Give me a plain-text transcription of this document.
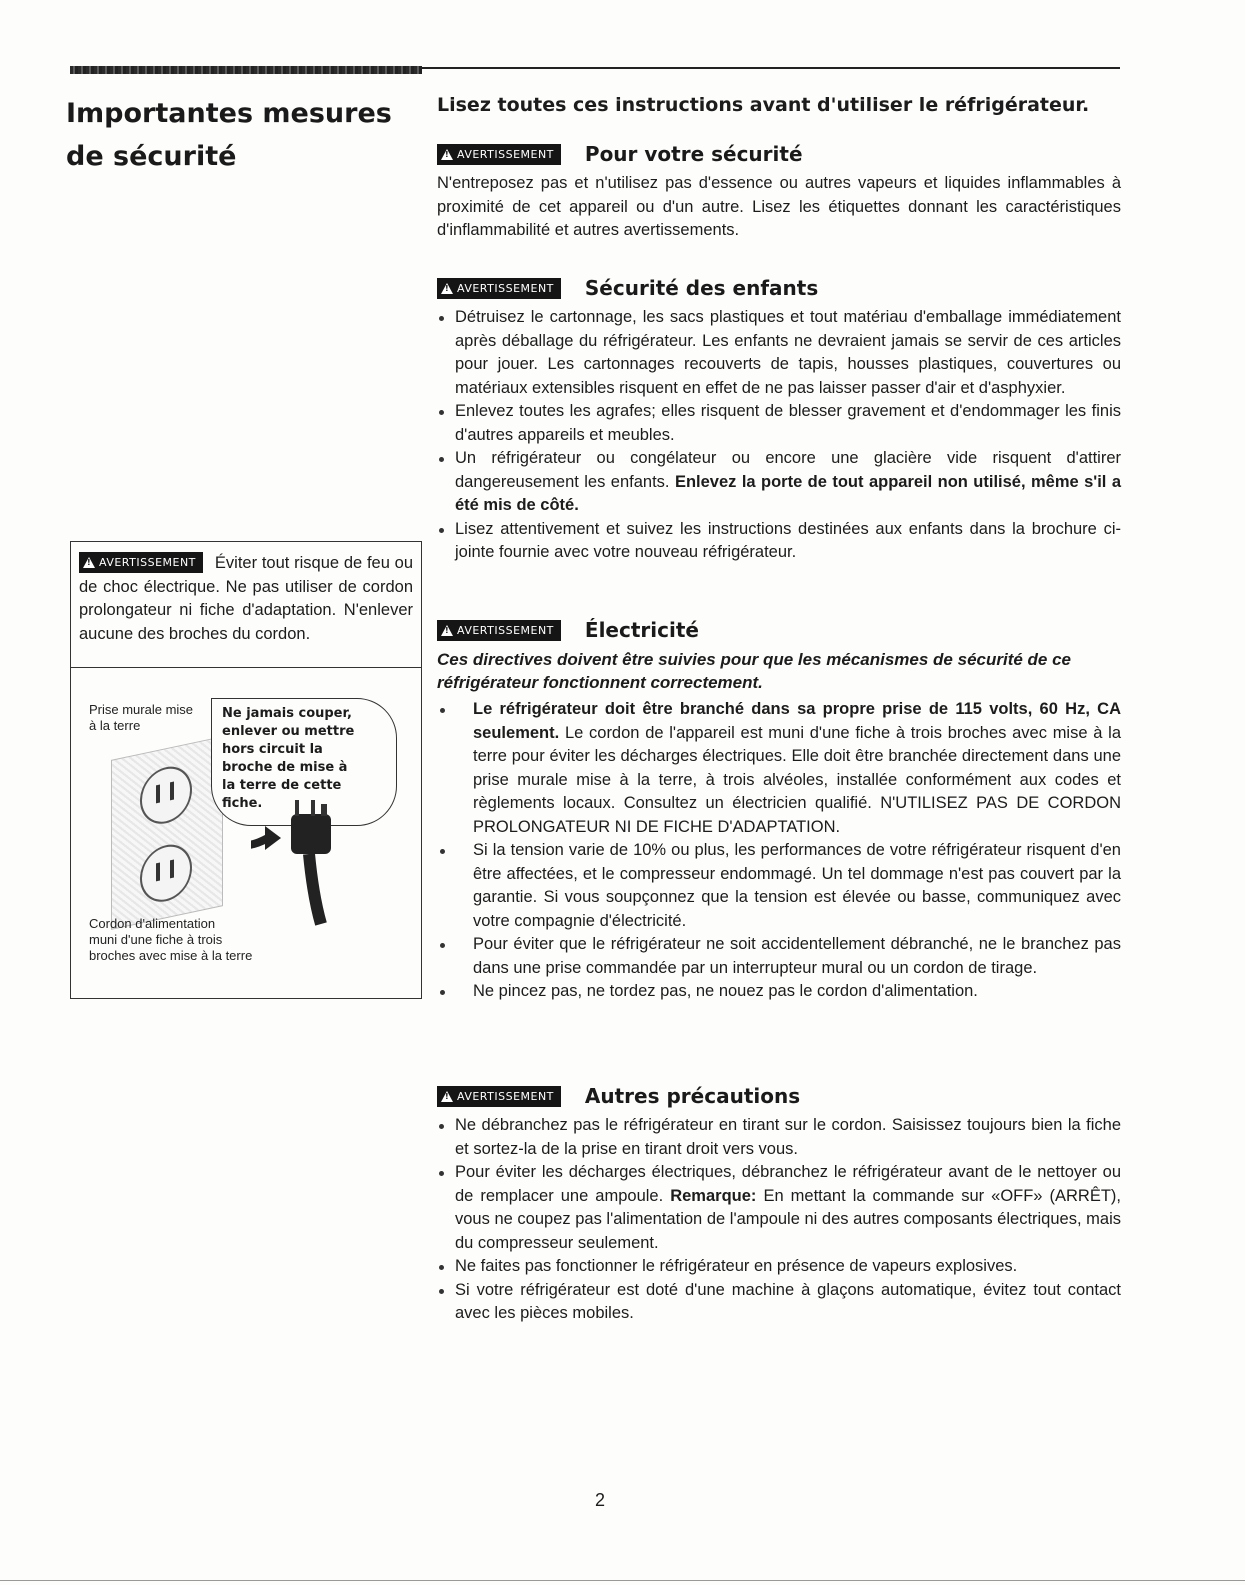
Importantes mesures de sécurité
Lisez toutes ces instructions avant d'utiliser le réfrigérateur.
!
AVERTISSEMENT Pour votre sécurité

N'entreposez pas et n'utilisez pas d'essence ou autres vapeurs et liquides inflammables à proximité de cet appareil ou d'un autre. Lisez les étiquettes donnant les caractéristiques d'inflammabilité et autres avertissements.

!
AVERTISSEMENT Sécurité des enfants
Détruisez le cartonnage, les sacs plastiques et tout matériau d'emballage immédiatement après déballage du réfrigérateur. Les enfants ne devraient jamais se servir de ces articles pour jouer. Les cartonnages recouverts de tapis, housses plastiques, couvertures ou matériaux extensibles risquent en effet de ne pas laisser passer d'air et d'asphyxier.
Enlevez toutes les agrafes; elles risquent de blesser gravement et d'endommager les finis d'autres appareils et meubles.
Un réfrigérateur ou congélateur ou encore une glacière vide risquent d'attirer dangereusement les enfants. Enlevez la porte de tout appareil non utilisé, même s'il a été mis de côté.
Lisez attentivement et suivez les instructions destinées aux enfants dans la brochure ci-jointe fournie avec votre nouveau réfrigérateur.
!
AVERTISSEMENT Électricité

Ces directives doivent être suivies pour que les mécanismes de sécurité de ce réfrigérateur fonctionnent correctement.

Le réfrigérateur doit être branché dans sa propre prise de 115 volts, 60 Hz, CA seulement. Le cordon de l'appareil est muni d'une fiche à trois broches avec mise à la terre pour éviter les décharges électriques. Elle doit être branchée directement dans une prise murale mise à la terre, à trois alvéoles, installée conformément aux codes et règlements locaux. Consultez un électricien qualifié. N'UTILISEZ PAS DE CORDON PROLONGATEUR NI DE FICHE D'ADAPTATION.
Si la tension varie de 10% ou plus, les performances de votre réfrigérateur risquent d'en être affectées, et le compresseur endommagé. Un tel dommage n'est pas couvert par la garantie. Si vous soupçonnez que la tension est élevée ou basse, communiquez avec votre compagnie d'électricité.
Pour éviter que le réfrigérateur ne soit accidentellement débranché, ne le branchez pas dans une prise commandée par un interrupteur mural ou un cordon de tirage.
Ne pincez pas, ne tordez pas, ne nouez pas le cordon d'alimentation.
!
AVERTISSEMENT Autres précautions
Ne débranchez pas le réfrigérateur en tirant sur le cordon. Saisissez toujours bien la fiche et sortez-la de la prise en tirant droit vers vous.
Pour éviter les décharges électriques, débranchez le réfrigérateur avant de le nettoyer ou de remplacer une ampoule. Remarque: En mettant la commande sur «OFF» (ARRÊT), vous ne coupez pas l'alimentation de l'ampoule ni des autres composants électriques, mais du compresseur seulement.
Ne faites pas fonctionner le réfrigérateur en présence de vapeurs explosives.
Si votre réfrigérateur est doté d'une machine à glaçons automatique, évitez tout contact avec les pièces mobiles.
!
AVERTISSEMENT Éviter tout risque de feu ou de choc électrique. Ne pas utiliser de cordon prolongateur ni fiche d'adaptation. N'enlever aucune des broches du cordon.
Prise murale mise
à la terre
Ne jamais couper,
enlever ou mettre
hors circuit la
broche de mise à
la terre de cette
fiche.
Cordon d'alimentation
muni d'une fiche à trois
broches avec mise à la terre
2
